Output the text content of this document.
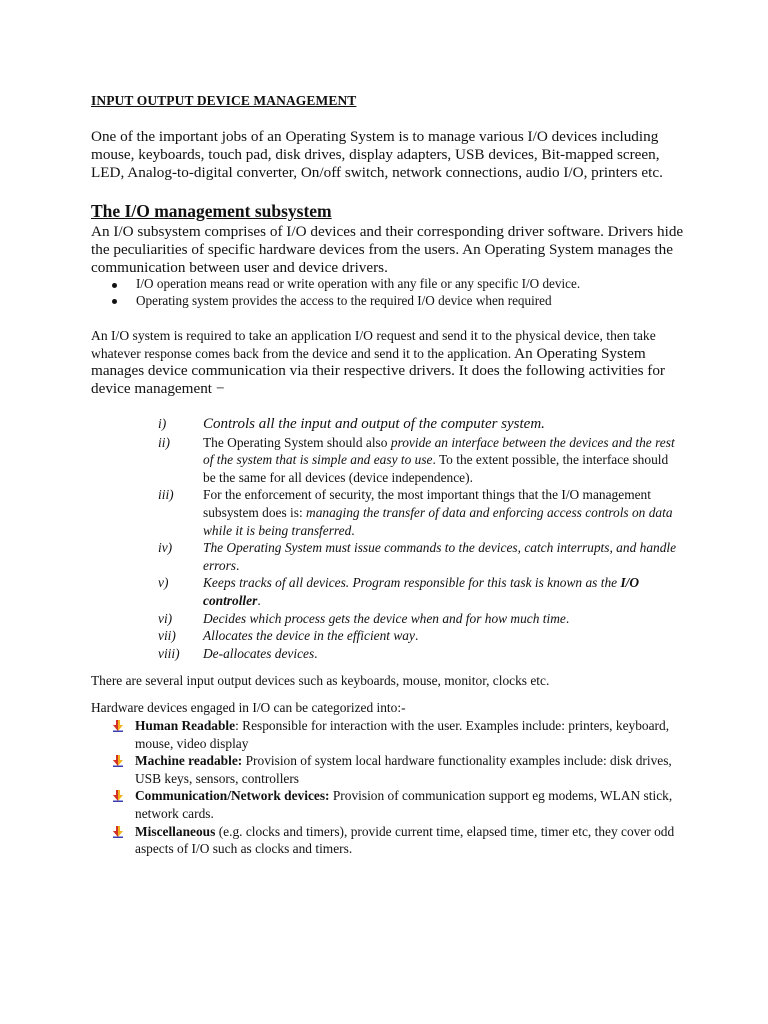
INPUT OUTPUT DEVICE MANAGEMENT
One of the important jobs of an Operating System is to manage various I/O devices including mouse, keyboards, touch pad, disk drives, display adapters, USB devices, Bit-mapped screen, LED, Analog-to-digital converter, On/off switch, network connections, audio I/O, printers etc.
The I/O management subsystem
An I/O subsystem comprises of I/O devices and their corresponding driver software. Drivers hide the peculiarities of specific hardware devices from the users. An Operating System manages the communication between user and device drivers.
I/O operation means read or write operation with any file or any specific I/O device.
Operating system provides the access to the required I/O device when required
An I/O system is required to take an application I/O request and send it to the physical device, then take whatever response comes back from the device and send it to the application. An Operating System manages device communication via their respective drivers. It does the following activities for device management −
i) Controls all the input and output of the computer system.
ii) The Operating System should also provide an interface between the devices and the rest of the system that is simple and easy to use. To the extent possible, the interface should be the same for all devices (device independence).
iii) For the enforcement of security, the most important things that the I/O management subsystem does is: managing the transfer of data and enforcing access controls on data while it is being transferred.
iv) The Operating System must issue commands to the devices, catch interrupts, and handle errors.
v)	Keeps tracks of all devices. Program responsible for this task is known as the I/O controller.
vi) Decides which process gets the device when and for how much time.
vii) Allocates the device in the efficient way.
viii) De-allocates devices.
There are several input output devices such as keyboards, mouse, monitor, clocks etc.
Hardware devices engaged in I/O can be categorized into:-
Human Readable: Responsible for interaction with the user. Examples include: printers, keyboard, mouse, video display
Machine readable: Provision of system local hardware functionality examples include: disk drives, USB keys, sensors, controllers
Communication/Network devices: Provision of communication support eg modems, WLAN stick, network cards.
Miscellaneous (e.g. clocks and timers), provide current time, elapsed time, timer etc, they cover odd aspects of I/O such as clocks and timers.
